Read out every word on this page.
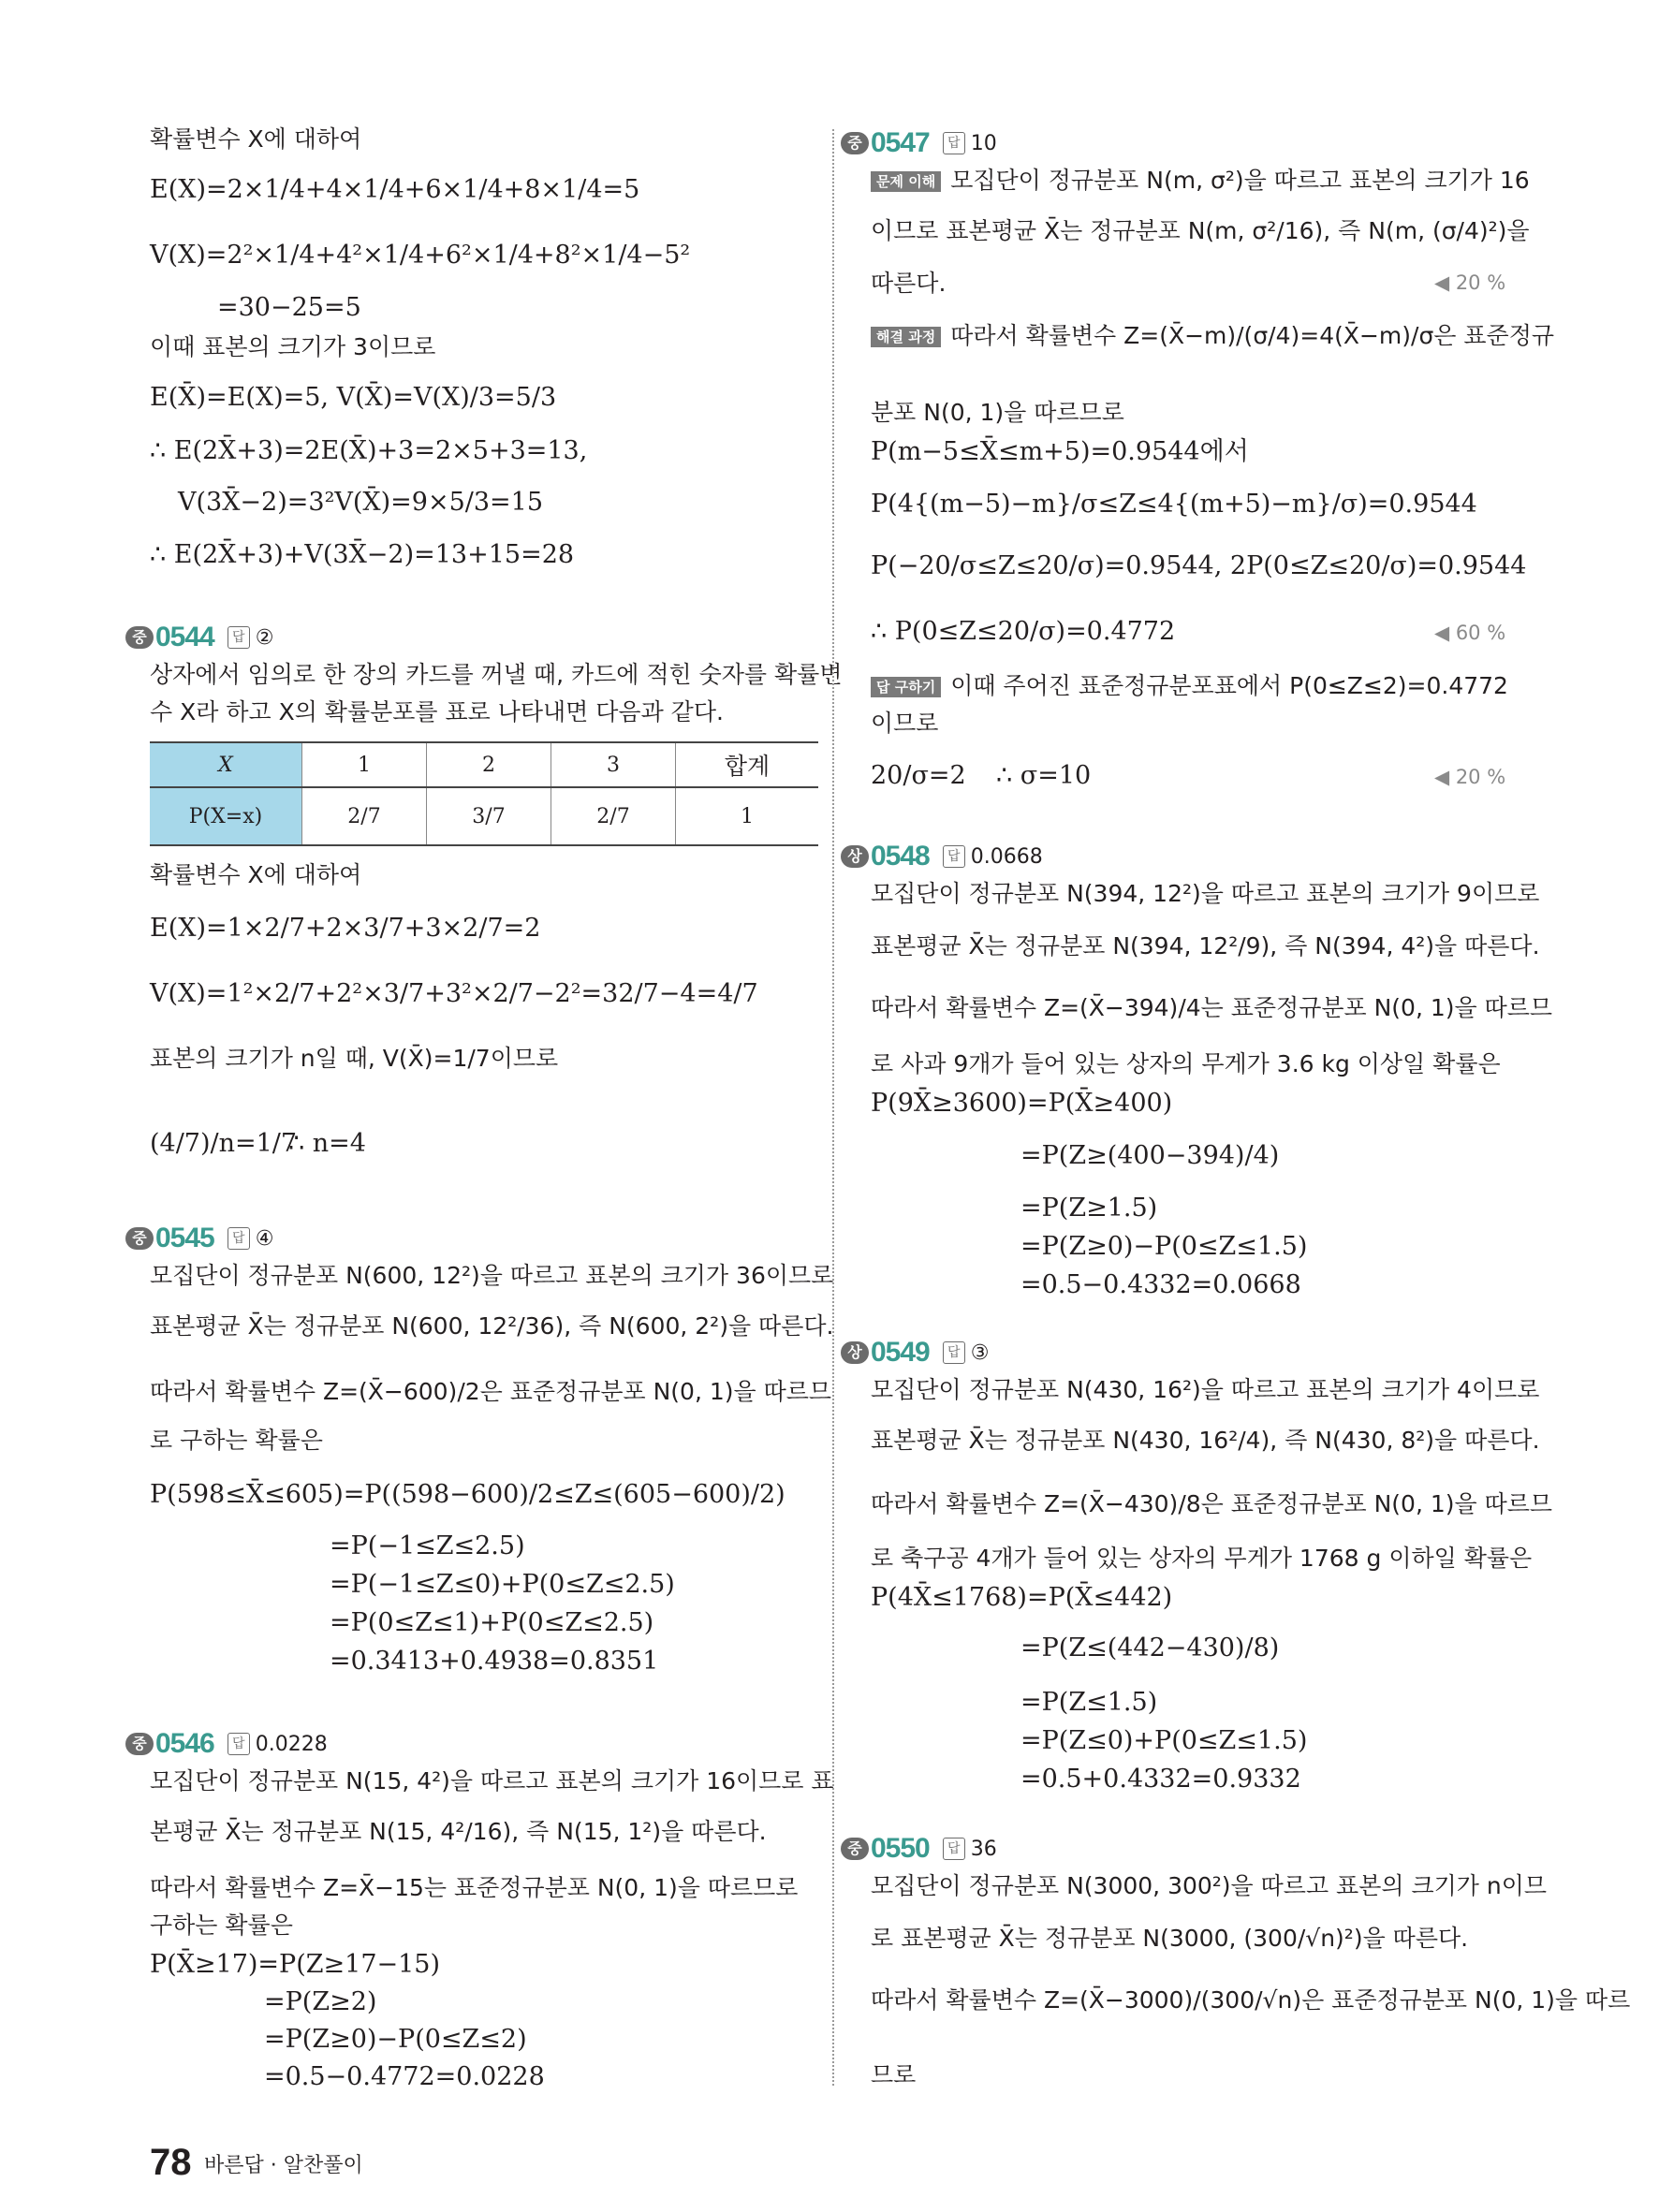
확률변수 X에 대하여
E(X)=2×1/4+4×1/4+6×1/4+8×1/4=5
V(X)=2²×1/4+4²×1/4+6²×1/4+8²×1/4−5²
=30−25=5
이때 표본의 크기가 3이므로
E(X̄)=E(X)=5, V(X̄)=V(X)/3=5/3
∴ E(2X̄+3)=2E(X̄)+3=2×5+3=13,
V(3X̄−2)=3²V(X̄)=9×5/3=15
∴ E(2X̄+3)+V(3X̄−2)=13+15=28
중 0544	답 ②
상자에서 임의로 한 장의 카드를 꺼낼 때, 카드에 적힌 숫자를 확률변
수 X라 하고 X의 확률분포를 표로 나타내면 다음과 같다.
X	1	2	3	합계
P(X=x)	2/7	3/7	2/7	1
확률변수 X에 대하여
E(X)=1×2/7+2×3/7+3×2/7=2
V(X)=1²×2/7+2²×3/7+3²×2/7−2²=32/7−4=4/7
표본의 크기가 n일 때, V(X̄)=1/7이므로
(4/7)/n=1/7
∴ n=4
중 0545	답 ④
모집단이 정규분포 N(600, 12²)을 따르고 표본의 크기가 36이므로
표본평균 X̄는 정규분포 N(600, 12²/36), 즉 N(600, 2²)을 따른다.
따라서 확률변수 Z=(X̄−600)/2은 표준정규분포 N(0, 1)을 따르므
로 구하는 확률은
P(598≤X̄≤605)=P((598−600)/2≤Z≤(605−600)/2)
=P(−1≤Z≤2.5)
=P(−1≤Z≤0)+P(0≤Z≤2.5)
=P(0≤Z≤1)+P(0≤Z≤2.5)
=0.3413+0.4938=0.8351
중 0546	답 0.0228
모집단이 정규분포 N(15, 4²)을 따르고 표본의 크기가 16이므로 표
본평균 X̄는 정규분포 N(15, 4²/16), 즉 N(15, 1²)을 따른다.
따라서 확률변수 Z=X̄−15는 표준정규분포 N(0, 1)을 따르므로
구하는 확률은
P(X̄≥17)=P(Z≥17−15)
=P(Z≥2)
=P(Z≥0)−P(0≤Z≤2)
=0.5−0.4772=0.0228
중 0547	답 10
문제 이해 모집단이 정규분포 N(m, σ²)을 따르고 표본의 크기가 16
이므로 표본평균 X̄는 정규분포 N(m, σ²/16), 즉 N(m, (σ/4)²)을
따른다.	◀ 20 %
해결 과정 따라서 확률변수 Z=(X̄−m)/(σ/4)=4(X̄−m)/σ은 표준정규
분포 N(0, 1)을 따르므로
P(m−5≤X̄≤m+5)=0.9544에서
P(4{(m−5)−m}/σ≤Z≤4{(m+5)−m}/σ)=0.9544
P(−20/σ≤Z≤20/σ)=0.9544, 2P(0≤Z≤20/σ)=0.9544
∴ P(0≤Z≤20/σ)=0.4772	◀ 60 %
답 구하기 이때 주어진 표준정규분포표에서 P(0≤Z≤2)=0.4772
이므로
20/σ=2 ∴ σ=10	◀ 20 %
상 0548	답 0.0668
모집단이 정규분포 N(394, 12²)을 따르고 표본의 크기가 9이므로
표본평균 X̄는 정규분포 N(394, 12²/9), 즉 N(394, 4²)을 따른다.
따라서 확률변수 Z=(X̄−394)/4는 표준정규분포 N(0, 1)을 따르므
로 사과 9개가 들어 있는 상자의 무게가 3.6 kg 이상일 확률은
P(9X̄≥3600)=P(X̄≥400)
=P(Z≥(400−394)/4)
=P(Z≥1.5)
=P(Z≥0)−P(0≤Z≤1.5)
=0.5−0.4332=0.0668
상 0549	답 ③
모집단이 정규분포 N(430, 16²)을 따르고 표본의 크기가 4이므로
표본평균 X̄는 정규분포 N(430, 16²/4), 즉 N(430, 8²)을 따른다.
따라서 확률변수 Z=(X̄−430)/8은 표준정규분포 N(0, 1)을 따르므
로 축구공 4개가 들어 있는 상자의 무게가 1768 g 이하일 확률은
P(4X̄≤1768)=P(X̄≤442)
=P(Z≤(442−430)/8)
=P(Z≤1.5)
=P(Z≤0)+P(0≤Z≤1.5)
=0.5+0.4332=0.9332
중 0550	답 36
모집단이 정규분포 N(3000, 300²)을 따르고 표본의 크기가 n이므
로 표본평균 X̄는 정규분포 N(3000, (300/√n)²)을 따른다.
따라서 확률변수 Z=(X̄−3000)/(300/√n)은 표준정규분포 N(0, 1)을 따르
므로
78 바른답 · 알찬풀이
